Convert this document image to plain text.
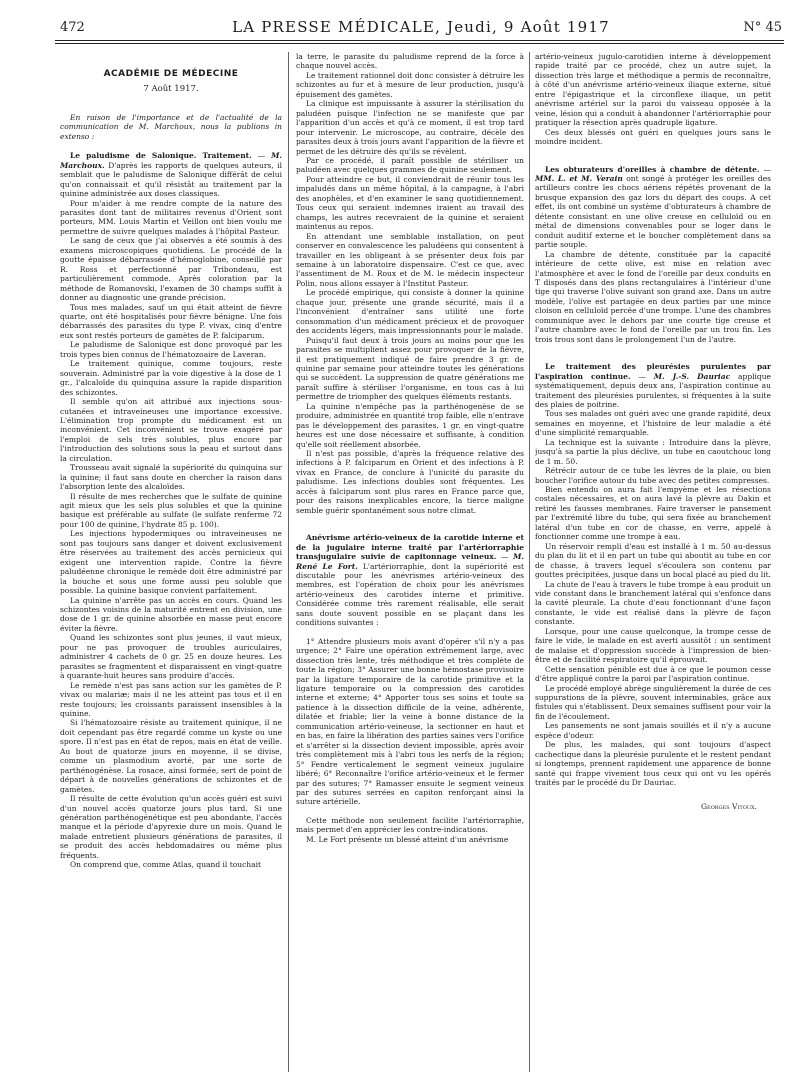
472	LA PRESSE MÉDICALE, Jeudi, 9 Août 1917	N° 45
ACADÉMIE DE MÉDECINE
7 Août 1917.

En raison de l'importance et de l'actualité de la communication de M. Marchoux, nous la publions in extenso :

Le paludisme de Salonique. Traitement. — M. Marchoux. D'après les rapports de quelques auteurs, il semblait que le paludisme de Salonique différât de celui qu'on connaissait et qu'il résistât au traitement par la quinine administrée aux doses classiques.

Pour m'aider à me rendre compte de la nature des parasites dont tant de militaires revenus d'Orient sont porteurs, MM. Louis Martin et Veillon ont bien voulu me permettre de suivre quelques malades à l'hôpital Pasteur.

Le sang de ceux que j'ai observés a été soumis à des examens microscopiques quotidiens. Le procédé de la goutte épaisse débarrassée d'hémoglobine, conseillé par R. Ross et perfectionné par Tribondeau, est particulièrement commode. Après coloration par la méthode de Romanovski, l'examen de 30 champs suffit à donner au diagnostic une grande précision.

Tous mes malades, sauf un qui était atteint de fièvre quarte, ont été hospitalisés pour fièvre bénigne. Une fois débarrassés des parasites du type P. vivax, cinq d'entre eux sont restés porteurs de gamètes de P. falciparum.

Le paludisme de Salonique est donc provoqué par les trois types bien connus de l'hématozoaire de Laveran.

Le traitement quinique, comme toujours, reste souverain. Administré par la voie digestive à la dose de 1 gr., l'alcaloïde du quinquina assure la rapide disparition des schizontes.

Il semble qu'on ait attribué aux injections sous-cutanées et intraveineuses une importance excessive. L'élimination trop prompte du médicament est un inconvénient. Cet inconvénient se trouve exagéré par l'emploi de sels très solubles, plus encore par l'introduction des solutions sous la peau et surtout dans la circulation.

Trousseau avait signalé la supériorité du quinquina sur la quinine; il faut sans doute en chercher la raison dans l'absorption lente des alcaloïdes.

Il résulte de mes recherches que le sulfate de quinine agit mieux que les sels plus solubles et que la quinine basique est préférable au sulfate (le sulfate renferme 72 pour 100 de quinine, l'hydrate 85 p. 100).

Les injections hypodermiques ou intraveineuses ne sont pas toujours sans danger et doivent exclusivement être réservées au traitement des accès pernicieux qui exigent une intervention rapide. Contre la fièvre paludéenne chronique le remède doit être administré par la bouche et sous une forme aussi peu soluble que possible. La quinine basique convient parfaitement.

La quinine n'arrête pas un accès en cours. Quand les schizontes voisins de la maturité entrent en division, une dose de 1 gr. de quinine absorbée en masse peut encore éviter la fièvre.

Quand les schizontes sont plus jeunes, il vaut mieux, pour ne pas provoquer de troubles auriculaires, administrer 4 cachets de 0 gr. 25 en douze heures. Les parasites se fragmentent et disparaissent en vingt-quatre à quarante-huit heures sans produire d'accès.

Le remède n'est pas sans action sur les gamètes de P. vivax ou malariæ; mais il ne les atteint pas tous et il en reste toujours; les croissants paraissent insensibles à la quinine.

Si l'hématozoaire résiste au traitement quinique, il ne doit cependant pas être regardé comme un kyste ou une spore. Il n'est pas en état de repos, mais en état de veille. Au bout de quatorze jours en moyenne, il se divise, comme un plasmodium avorté, par une sorte de parthénogénèse. La rosace, ainsi formée, sert de point de départ à de nouvelles générations de schizontes et de gamètes.

Il résulte de cette évolution qu'un accès guéri est suivi d'un nouvel accès quatorze jours plus tard. Si une génération parthénogénétique est peu abondante, l'accès manque et la période d'apyrexie dure un mois. Quand le malade entretient plusieurs générations de parasites, il se produit des accès hebdomadaires ou même plus fréquents.

On comprend que, comme Atlas, quand il touchait

la terre, le parasite du paludisme reprend de la force à chaque nouvel accès.

Le traitement rationnel doit donc consister à détruire les schizontes au fur et à mesure de leur production, jusqu'à épuisement des gamètes.

La clinique est impuissante à assurer la stérilisation du paludéen puisque l'infection ne se manifeste que par l'apparition d'un accès et qu'à ce moment, il est trop tard pour intervenir. Le microscope, au contraire, décèle des parasites deux à trois jours avant l'apparition de la fièvre et permet de les détruire dès qu'ils se révèlent.

Par ce procédé, il paraît possible de stériliser un paludéen avec quelques grammes de quinine seulement.

Pour atteindre ce but, il conviendrait de réunir tous les impaludés dans un même hôpital, à la campagne, à l'abri des anophèles, et d'en examiner le sang quotidiennement. Tous ceux qui seraient indemnes iraient au travail des champs, les autres recevraient de la quinine et seraient maintenus au repos.

En attendant une semblable installation, on peut conserver en convalescence les paludéens qui consentent à travailler en les obligeant à se présenter deux fois par semaine à un laboratoire dispensaire. C'est ce que, avec l'assentiment de M. Roux et de M. le médecin inspecteur Polin, nous allons essayer à l'Institut Pasteur.

Le procédé empirique, qui consiste à donner la quinine chaque jour, présente une grande sécurité, mais il a l'inconvénient d'entraîner sans utilité une forte consommation d'un médicament précieux et de provoquer des accidents légers, mais impressionnants pour le malade.

Puisqu'il faut deux à trois jours au moins pour que les parasites se multiplient assez pour provoquer de la fièvre, il est pratiquement indiqué de faire prendre 3 gr. de quinine par semaine pour atteindre toutes les générations qui se succèdent. La suppression de quatre générations me paraît suffire à stériliser l'organisme, en tous cas à lui permettre de triompher des quelques éléments restants.

La quinine n'empêche pas la parthénogenèse de se produire, administrée en quantité trop faible, elle n'entrave pas le développement des parasites, 1 gr. en vingt-quatre heures est une dose nécessaire et suffisante, à condition qu'elle soit réellement absorbée.

Il n'est pas possible, d'après la fréquence relative des infections à P. falciparum en Orient et des infections à P. vivax en France, de conclure à l'unicité du parasite du paludisme. Les infections doubles sont fréquentes. Les accès à falciparum sont plus rares en France parce que, pour des raisons inexplicables encore, la tierce maligne semble guérir spontanément sous notre climat.

Anévrisme artério-veineux de la carotide interne et de la jugulaire interne traité par l'artériorraphie transjugulaire suivie de capitonnage veineux. — M. René Le Fort. L'artériorraphie, dont la supériorité est discutable pour les anévrismes artério-veineux des membres, est l'opération de choix pour les anévrismes artério-veineux des carotides interne et primitive. Considérée comme très rarement réalisable, elle serait sans doute souvent possible en se plaçant dans les conditions suivantes :

1° Attendre plusieurs mois avant d'opérer s'il n'y a pas urgence; 2° Faire une opération extrêmement large, avec dissection très lente, très méthodique et très complète de toute la région; 3° Assurer une bonne hémostase provisoire par la ligature temporaire de la carotide primitive et la ligature temporaire ou la compression des carotides interne et externe; 4° Apporter tous ses soins et toute sa patience à la dissection difficile de la veine, adhérente, dilatée et friable; lier la veine à bonne distance de la communication artério-veineuse, la sectionner en haut et en bas, en faire la libération des parties saines vers l'orifice et s'arrêter si la dissection devient impossible, après avoir très complètement mis à l'abri tous les nerfs de la région; 5° Fendre verticalement le segment veineux jugulaire libéré; 6° Reconnaître l'orifice artério-veineux et le fermer par des sutures; 7° Ramasser ensuite le segment veineux par des sutures serrées en capiton renforçant ainsi la suture artérielle.

Cette méthode non seulement facilite l'artériorraphie, mais permet d'en apprécier les contre-indications.

M. Le Fort présente un blessé atteint d'un anévrisme

artério-veineux jugulo-carotidien interne à développement rapide traité par ce procédé, chez un autre sujet, la dissection très large et méthodique a permis de reconnaître, à côté d'un anévrisme artério-veineux iliaque externe, situé entre l'épigastrique et la circonflexe iliaque, un petit anévrisme artériel sur la paroi du vaisseau opposée à la veine, lésion qui a conduit à abandonner l'artériorraphie pour pratiquer la résection après quadruple ligature.

Ces deux blessés ont guéri en quelques jours sans le moindre incident.

Les obturateurs d'oreilles à chambre de détente. — MM. L. et M. Verain ont songé à protéger les oreilles des artilleurs contre les chocs aériens répétés provenant de la brusque expansion des gaz lors du départ des coups. A cet effet, ils ont combiné un système d'obturateurs à chambre de détente consistant en une olive creuse en celluloïd ou en métal de dimensions convenables pour se loger dans le conduit auditif externe et le boucher complètement dans sa partie souple.

La chambre de détente, constituée par la capacité intérieure de cette olive, est mise en relation avec l'atmosphère et avec le fond de l'oreille par deux conduits en T disposés dans des plans rectangulaires à l'intérieur d'une tige qui traverse l'olive suivant son grand axe. Dans un autre modèle, l'olive est partagée en deux parties par une mince cloison en celluloïd percée d'une trompe. L'une des chambres communique avec le dehors par une courte tige creuse et l'autre chambre avec le fond de l'oreille par un trou fin. Les trois trous sont dans le prolongement l'un de l'autre.

Le traitement des pleurésies purulentes par l'aspiration continue. — M. J.-S. Dauriac applique systématiquement, depuis deux ans, l'aspiration continue au traitement des pleurésies purulentes, si fréquentes à la suite des plaies de poitrine.

Tous ses malades ont guéri avec une grande rapidité, deux semaines en moyenne, et l'histoire de leur maladie a été d'une simplicité remarquable.

La technique est la suivante : Introduire dans la plèvre, jusqu'à sa partie la plus déclive, un tube en caoutchouc long de 1 m. 50.

Rétrécir autour de ce tube les lèvres de la plaie, ou bien boucher l'orifice autour du tube avec des petites compresses.

Bien entendu on aura fait l'empyème et les résections costales nécessaires, et on aura lavé la plèvre au Dakin et retiré les fausses membranes. Faire traverser le pansement par l'extrémité libre du tube, qui sera fixée au branchement latéral d'un tube en cor de chasse, en verre, appelé à fonctionner comme une trompe à eau.

Un réservoir rempli d'eau est installé à 1 m. 50 au-dessus du plan du lit et il en part un tube qui aboutit au tube en cor de chasse, à travers lequel s'écoulera son contenu par gouttes précipitées, jusque dans un bocal placé au pied du lit.

La chute de l'eau à travers le tube trompe à eau produit un vide constant dans le branchement latéral qui s'enfonce dans la cavité pleurale. La chute d'eau fonctionnant d'une façon constante, le vide est réalisé dans la plèvre de façon constante.

Lorsque, pour une cause quelconque, la trompe cesse de faire le vide, le malade en est averti aussitôt : un sentiment de malaise et d'oppression succède à l'impression de bien-être et de facilité respiratoire qu'il éprouvait.

Cette sensation pénible est due à ce que le poumon cesse d'être appliqué contre la paroi par l'aspiration continue.

Le procédé employé abrège singulièrement la durée de ces suppurations de la plèvre, souvent interminables, grâce aux fistules qui s'établissent. Deux semaines suffisent pour voir la fin de l'écoulement.

Les pansements ne sont jamais souillés et il n'y a aucune espèce d'odeur.

De plus, les malades, qui sont toujours d'aspect cachectique dans la pleurésie purulente et le restent pendant si longtemps, prennent rapidement une apparence de bonne santé qui frappe vivement tous ceux qui ont vu les opérés traités par le procédé du Dr Dauriac.

Georges Vitoux.
